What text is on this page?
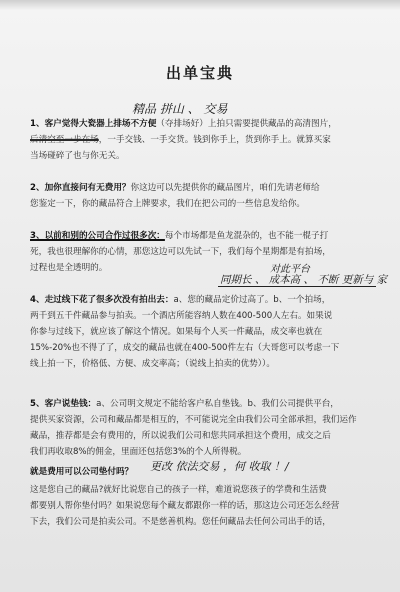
出单宝典
精品 拼山 、 交易
1、客户觉得大瓷器上排场不方便（夺排场好）上拍只需要提供藏品的高清图片，
后清空至一步在场，一手交钱、一手交货。钱到你手上，货到你手上。就算买家
当场碰碎了也与你无关。
2、加你直接问有无费用？你这边可以先提供你的藏品图片，咱们先请老师给
您鉴定一下，你的藏品符合上牌要求，我们在把公司的一些信息发给你。
3、以前和别的公司合作过很多次：每个市场都是鱼龙混杂的，也不能一棍子打
死，我也很理解你的心情，那您这边可以先试一下，我们每个星期都是有拍场，
过程也是全透明的。	对此平台
同期长 、 成本高 、 不断 更新与 家
4、走过线下花了很多次没有拍出去：a、您的藏品定价过高了。b、一个拍场，
两千到五千件藏品参与拍卖。一个酒店所能容纳人数在400-500人左右。如果说
你参与过线下，就应该了解这个情况。如果每个人买一件藏品，成交率也就在
15%-20%也不得了了，成交的藏品也就在400-500件左右（大哥您可以考虑一下
线上拍一下，价格低、方便、成交率高；（说线上拍卖的优势））。
5、客户说垫钱：a、公司明文规定不能给客户私自垫钱。b、我们公司提供平台，
提供买家资源，公司和藏品都是相互的，不可能说完全由我们公司全部承担，我们运作
藏品，推荐都是会有费用的，所以说我们公司和您共同承担这个费用，成交之后
我们再收取8%的佣金，里面还包括您3%的个人所得税。
就是费用可以公司垫付吗？	更改 依法交易 ，何 收取 ！/
这是您自己的藏品?就好比说您自己的孩子一样，难道说您孩子的学费和生活费
都要别人帮你垫付吗？如果说您每个藏友都跟你一样的话，那这边公司还怎么经营
下去，我们公司是拍卖公司。不是慈善机构。您任何藏品去任何公司出手的话，
